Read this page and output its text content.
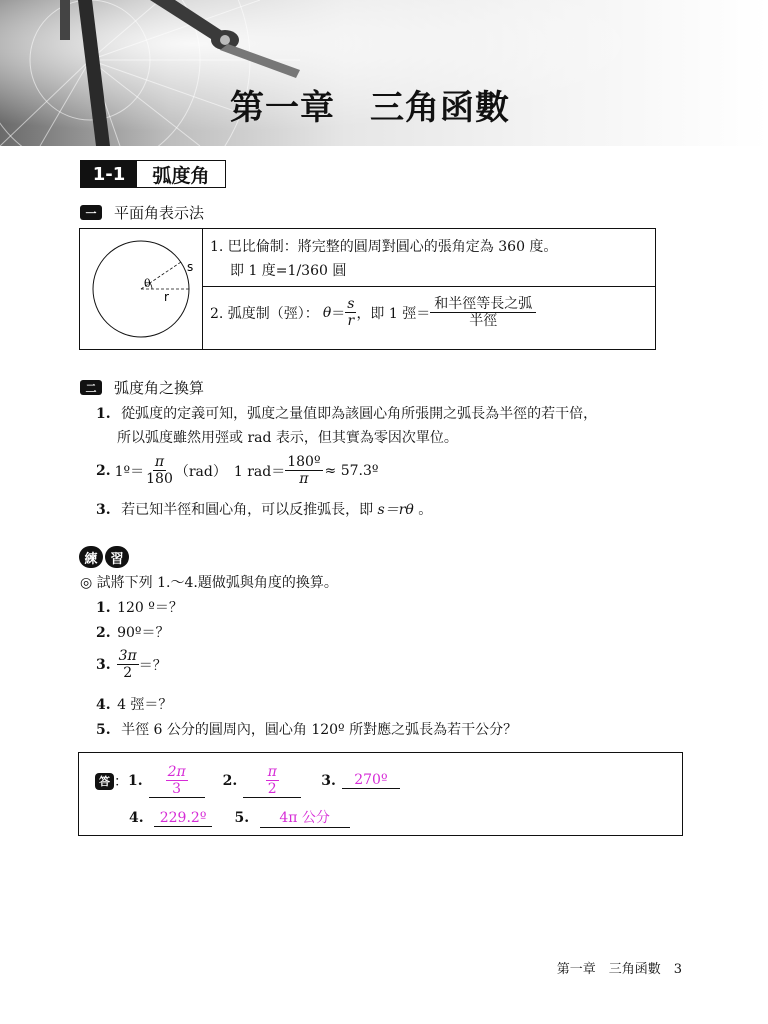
第一章　三角函數
1-1	弧度角
一	平面角表示法
θ
s
r
1. 巴比倫制：將完整的圓周對圓心的張角定為 360 度。
即 1 度=1/360 圓
2. 弧度制（弳）： $\theta = \frac{s}{r}$ ，即 1 弳＝ $\frac{\text{和半徑等長之弧}}{\text{半徑}}$
二	弧度角之換算
1. 從弧度的定義可知，弧度之量值即為該圓心角所張開之弧長為半徑的若干倍，
所以弧度雖然用弳或 rad 表示，但其實為零因次單位。
2. 1º＝ $\frac{\pi}{180} (rad)$　1 $rad= \frac{\text{180º}}{\pi}$ ≈ 57.3º
3. 若已知半徑和圓心角，可以反推弧長，即 s＝rθ 。
練 習
◎ 試將下列 1.～4.題做弧與角度的換算。
1. 120 º＝？
2. 90º＝？
3. $\frac{3\pi}{2}$ ＝？
4. 4 弳＝？
5. 半徑 6 公分的圓周內，圓心角 120º 所對應之弧長為若干公分？
答 ： 1. $\frac{2\pi}{3} 2$. $\frac{\pi}{2}$	3.	270º
4. 229.2º 5. 4π 公分
第一章　三角函數　3
